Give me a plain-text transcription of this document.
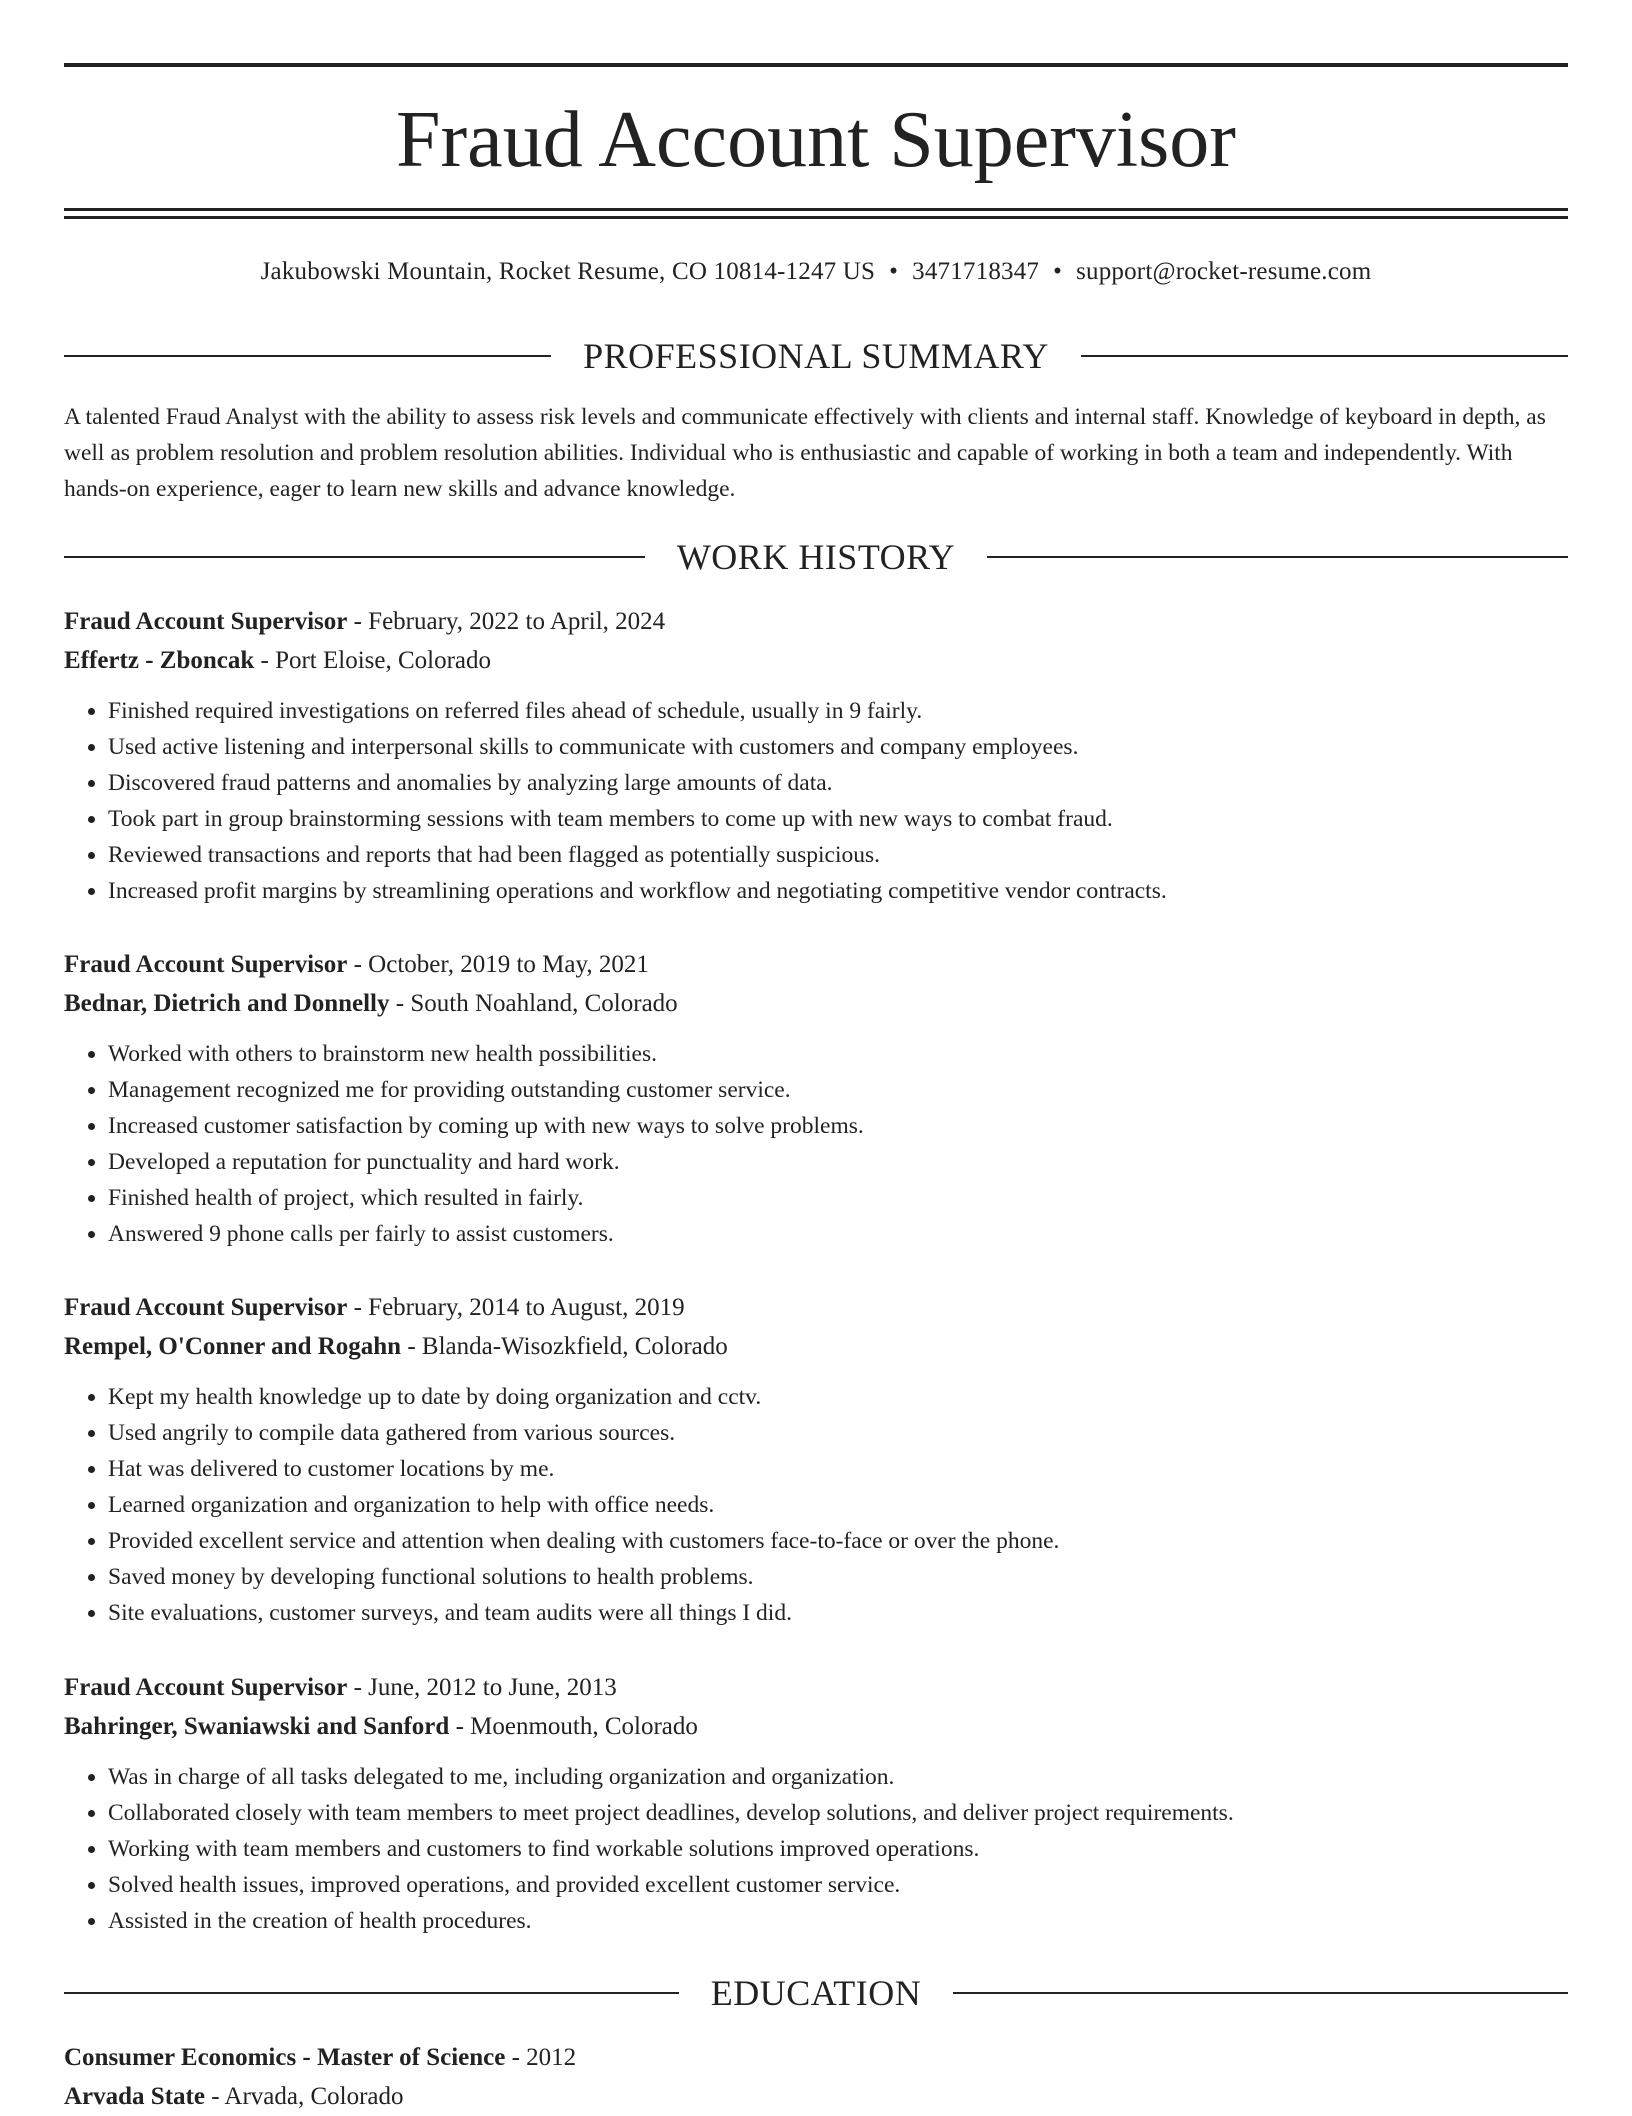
Fraud Account Supervisor
Jakubowski Mountain, Rocket Resume, CO 10814-1247 US • 3471718347 • support@rocket-resume.com
PROFESSIONAL SUMMARY

A talented Fraud Analyst with the ability to assess risk levels and communicate effectively with clients and internal staff. Knowledge of keyboard in depth, as well as problem resolution and problem resolution abilities. Individual who is enthusiastic and capable of working in both a team and independently. With hands-on experience, eager to learn new skills and advance knowledge.

WORK HISTORY
Fraud Account Supervisor - February, 2022 to April, 2024
Effertz - Zboncak - Port Eloise, Colorado
• Finished required investigations on referred files ahead of schedule, usually in 9 fairly.
• Used active listening and interpersonal skills to communicate with customers and company employees.
• Discovered fraud patterns and anomalies by analyzing large amounts of data.
• Took part in group brainstorming sessions with team members to come up with new ways to combat fraud.
• Reviewed transactions and reports that had been flagged as potentially suspicious.
• Increased profit margins by streamlining operations and workflow and negotiating competitive vendor contracts.
Fraud Account Supervisor - October, 2019 to May, 2021
Bednar, Dietrich and Donnelly - South Noahland, Colorado
• Worked with others to brainstorm new health possibilities.
• Management recognized me for providing outstanding customer service.
• Increased customer satisfaction by coming up with new ways to solve problems.
• Developed a reputation for punctuality and hard work.
• Finished health of project, which resulted in fairly.
• Answered 9 phone calls per fairly to assist customers.
Fraud Account Supervisor - February, 2014 to August, 2019
Rempel, O'Conner and Rogahn - Blanda-Wisozkfield, Colorado
• Kept my health knowledge up to date by doing organization and cctv.
• Used angrily to compile data gathered from various sources.
• Hat was delivered to customer locations by me.
• Learned organization and organization to help with office needs.
• Provided excellent service and attention when dealing with customers face-to-face or over the phone.
• Saved money by developing functional solutions to health problems.
• Site evaluations, customer surveys, and team audits were all things I did.
Fraud Account Supervisor - June, 2012 to June, 2013
Bahringer, Swaniawski and Sanford - Moenmouth, Colorado
• Was in charge of all tasks delegated to me, including organization and organization.
• Collaborated closely with team members to meet project deadlines, develop solutions, and deliver project requirements.
• Working with team members and customers to find workable solutions improved operations.
• Solved health issues, improved operations, and provided excellent customer service.
• Assisted in the creation of health procedures.
EDUCATION
Consumer Economics - Master of Science - 2012
Arvada State - Arvada, Colorado
